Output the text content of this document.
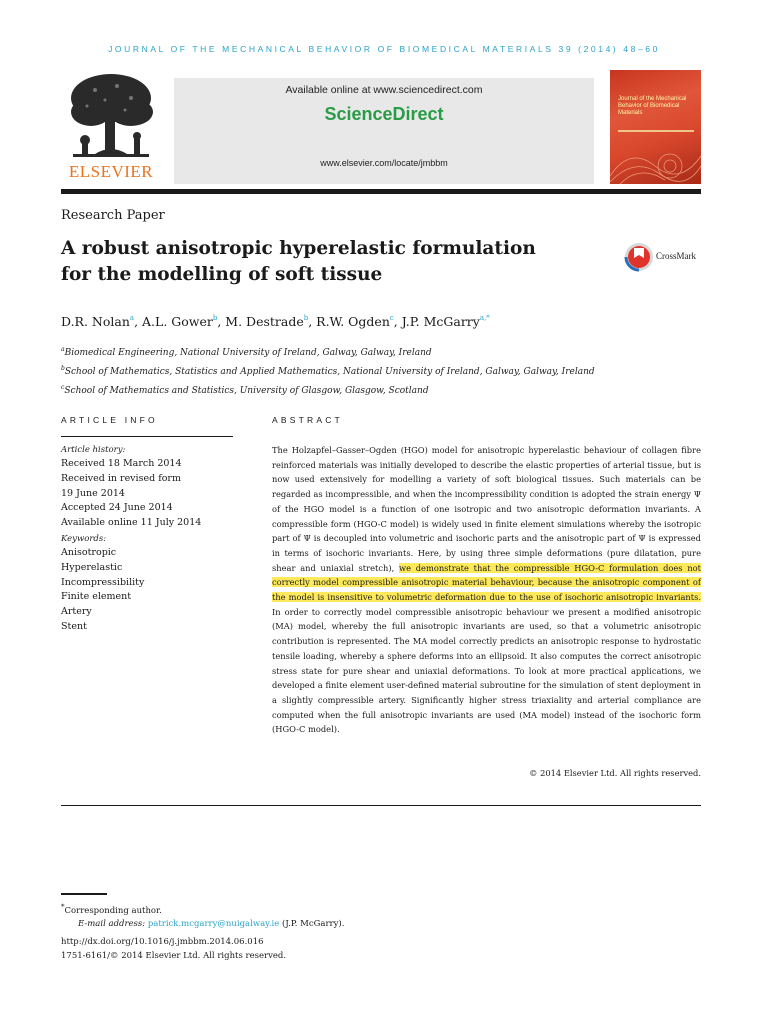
JOURNAL OF THE MECHANICAL BEHAVIOR OF BIOMEDICAL MATERIALS 39 (2014) 48–60
ELSEVIER
Available online at www.sciencedirect.com
ScienceDirect
www.elsevier.com/locate/jmbbm
Journal of the Mechanical Behavior of Biomedical Materials
Research Paper
A robust anisotropic hyperelastic formulation
for the modelling of soft tissue
CrossMark
D.R. Nolan$^a$, A.L. Gower$^b$, M. Destrade$^b$, R.W. Ogden$^c$, J.P. McGarry$^{a,*}$
$^a$Biomedical Engineering, National University of Ireland, Galway, Galway, Ireland
$^b$School of Mathematics, Statistics and Applied Mathematics, National University of Ireland, Galway, Galway, Ireland
$^c$School of Mathematics and Statistics, University of Glasgow, Glasgow, Scotland
ARTICLE INFO	ABSTRACT
Article history:
Received 18 March 2014
Received in revised form
19 June 2014
Accepted 24 June 2014
Available online 11 July 2014
Keywords:
Anisotropic
Hyperelastic
Incompressibility
Finite element
Artery
Stent
The Holzapfel–Gasser–Ogden (HGO) model for anisotropic hyperelastic behaviour of collagen fibre reinforced materials was initially developed to describe the elastic properties of arterial tissue, but is now used extensively for modelling a variety of soft biological tissues. Such materials can be regarded as incompressible, and when the incompressibility condition is adopted the strain energy Ψ of the HGO model is a function of one isotropic and two anisotropic deformation invariants. A compressible form (HGO-C model) is widely used in finite element simulations whereby the isotropic part of Ψ is decoupled into volumetric and isochoric parts and the anisotropic part of Ψ is expressed in terms of isochoric invariants. Here, by using three simple deformations (pure dilatation, pure shear and uniaxial stretch), we demonstrate that the compressible HGO-C formulation does not correctly model compressible anisotropic material behaviour, because the anisotropic component of the model is insensitive to volumetric deformation due to the use of isochoric anisotropic invariants. In order to correctly model compressible anisotropic behaviour we present a modified anisotropic (MA) model, whereby the full anisotropic invariants are used, so that a volumetric anisotropic contribution is represented. The MA model correctly predicts an anisotropic response to hydrostatic tensile loading, whereby a sphere deforms into an ellipsoid. It also computes the correct anisotropic stress state for pure shear and uniaxial deformations. To look at more practical applications, we developed a finite element user-defined material subroutine for the simulation of stent deployment in a slightly compressible artery. Significantly higher stress triaxiality and arterial compliance are computed when the full anisotropic invariants are used (MA model) instead of the isochoric form (HGO-C model).
© 2014 Elsevier Ltd. All rights reserved.
*Corresponding author.
E-mail address: patrick.mcgarry@nuigalway.ie (J.P. McGarry).
http://dx.doi.org/10.1016/j.jmbbm.2014.06.016
1751-6161/© 2014 Elsevier Ltd. All rights reserved.
